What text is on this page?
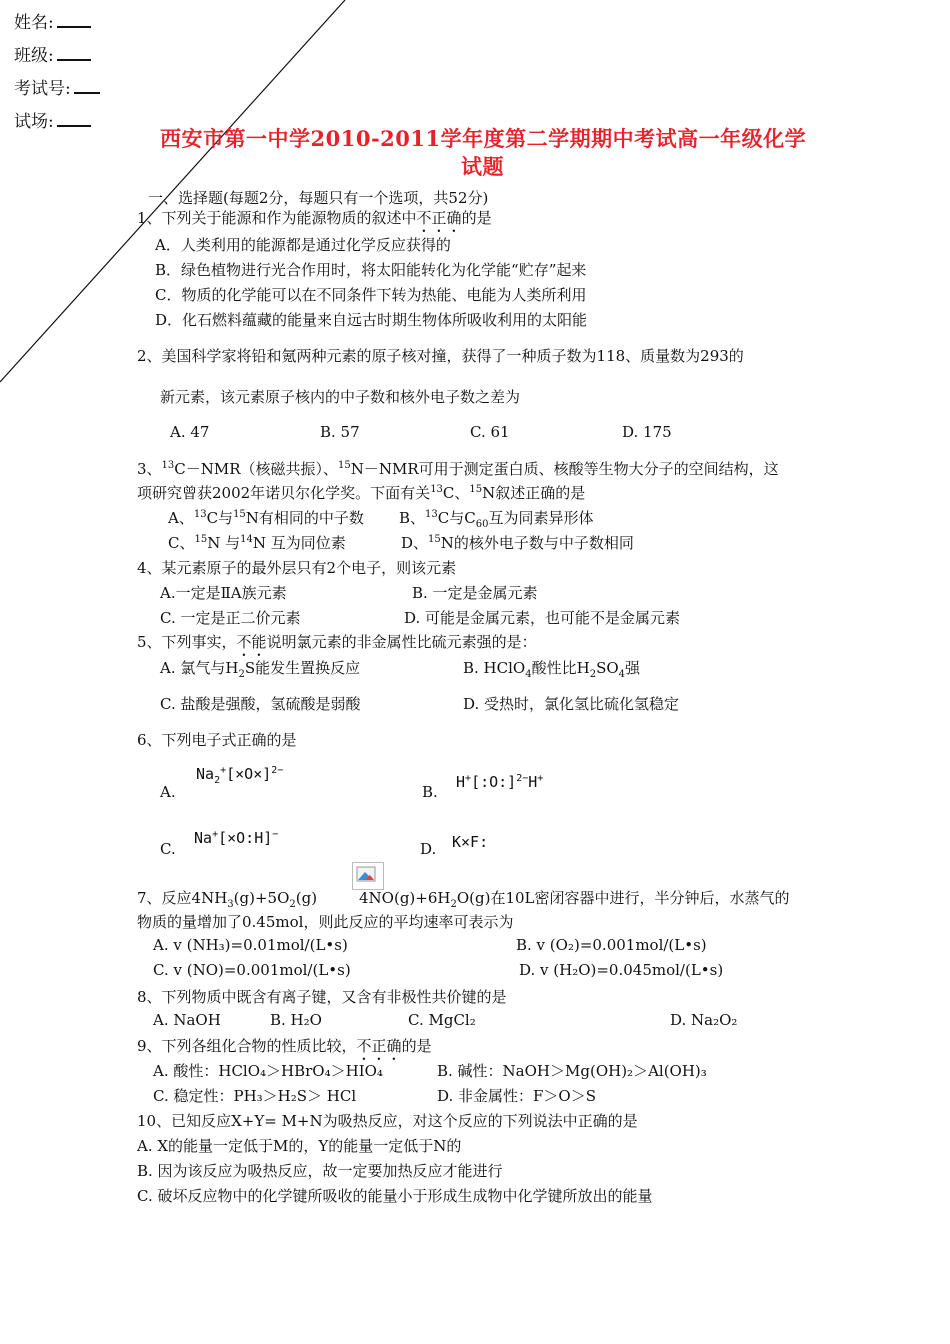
姓名:
班级:
考试号:
试场:
西安市第一中学2010-2011学年度第二学期期中考试高一年级化学
试题
一、选择题(每题2分，每题只有一个选项，共52分)
1、下列关于能源和作为能源物质的叙述中不正确的是
A．人类利用的能源都是通过化学反应获得的
B．绿色植物进行光合作用时，将太阳能转化为化学能“贮存”起来
C．物质的化学能可以在不同条件下转为热能、电能为人类所利用
D．化石燃料蕴藏的能量来自远古时期生物体所吸收利用的太阳能
2、美国科学家将铅和氪两种元素的原子核对撞，获得了一种质子数为118、质量数为293的
新元素，该元素原子核内的中子数和核外电子数之差为
A. 47	B. 57	C. 61	D. 175
3、$^{13}$C－NMR（核磁共振）、$^{15}$N－NMR可用于测定蛋白质、核酸等生物大分子的空间结构，这
项研究曾获2002年诺贝尔化学奖。下面有关$^{13}$C、$^{15}$N叙述正确的是
A、$^{13}$C与$^{15}$N有相同的中子数 B、$^{13}$C与$C_{60}$互为同素异形体
C、$^{15}$N 与$^{14}$N 互为同位素	D、$^{15}$N的核外电子数与中子数相同
4、某元素原子的最外层只有2个电子，则该元素
A.一定是ⅡA族元素	B. 一定是金属元素
C. 一定是正二价元素	D. 可能是金属元素，也可能不是金属元素
5、下列事实，不能说明氯元素的非金属性比硫元素强的是：
A. 氯气与$H_2S$能发生置换反应	B. HClO$_4$酸性比$H_2SO_4$强
C. 盐酸是强酸，氢硫酸是弱酸	D. 受热时，氯化氢比硫化氢稳定
6、下列电子式正确的是
A.
$Na_2^+[\times O\times]^{2-}$
B.
H+[:O:]$^{2-}$H+
C.
Na+[×O:H]−
D. K×F:
7、反应$4NH_3(g)+5O_2(g)$	$4NO(g)+6H_2O(g)$在10L密闭容器中进行，半分钟后，水蒸气的
物质的量增加了0.45mol，则此反应的平均速率可表示为
A. v (NH₃)=0.01mol/(L•s)	B. v (O₂)=0.001mol/(L•s)
C. v (NO)=0.001mol/(L•s)	D. v (H₂O)=0.045mol/(L•s)
8、下列物质中既含有离子键，又含有非极性共价键的是
A. NaOH	B. H₂O	C. MgCl₂	D. Na₂O₂
9、下列各组化合物的性质比较，不正确的是
A. 酸性：HClO₄＞HBrO₄＞HIO₄	B. 碱性：NaOH＞Mg(OH)₂＞Al(OH)₃
C. 稳定性：PH₃＞H₂S＞ HCl	D. 非金属性：F＞O＞S
10、已知反应X+Y= M+N为吸热反应，对这个反应的下列说法中正确的是
A. X的能量一定低于M的，Y的能量一定低于N的
B. 因为该反应为吸热反应，故一定要加热反应才能进行
C. 破坏反应物中的化学键所吸收的能量小于形成生成物中化学键所放出的能量
